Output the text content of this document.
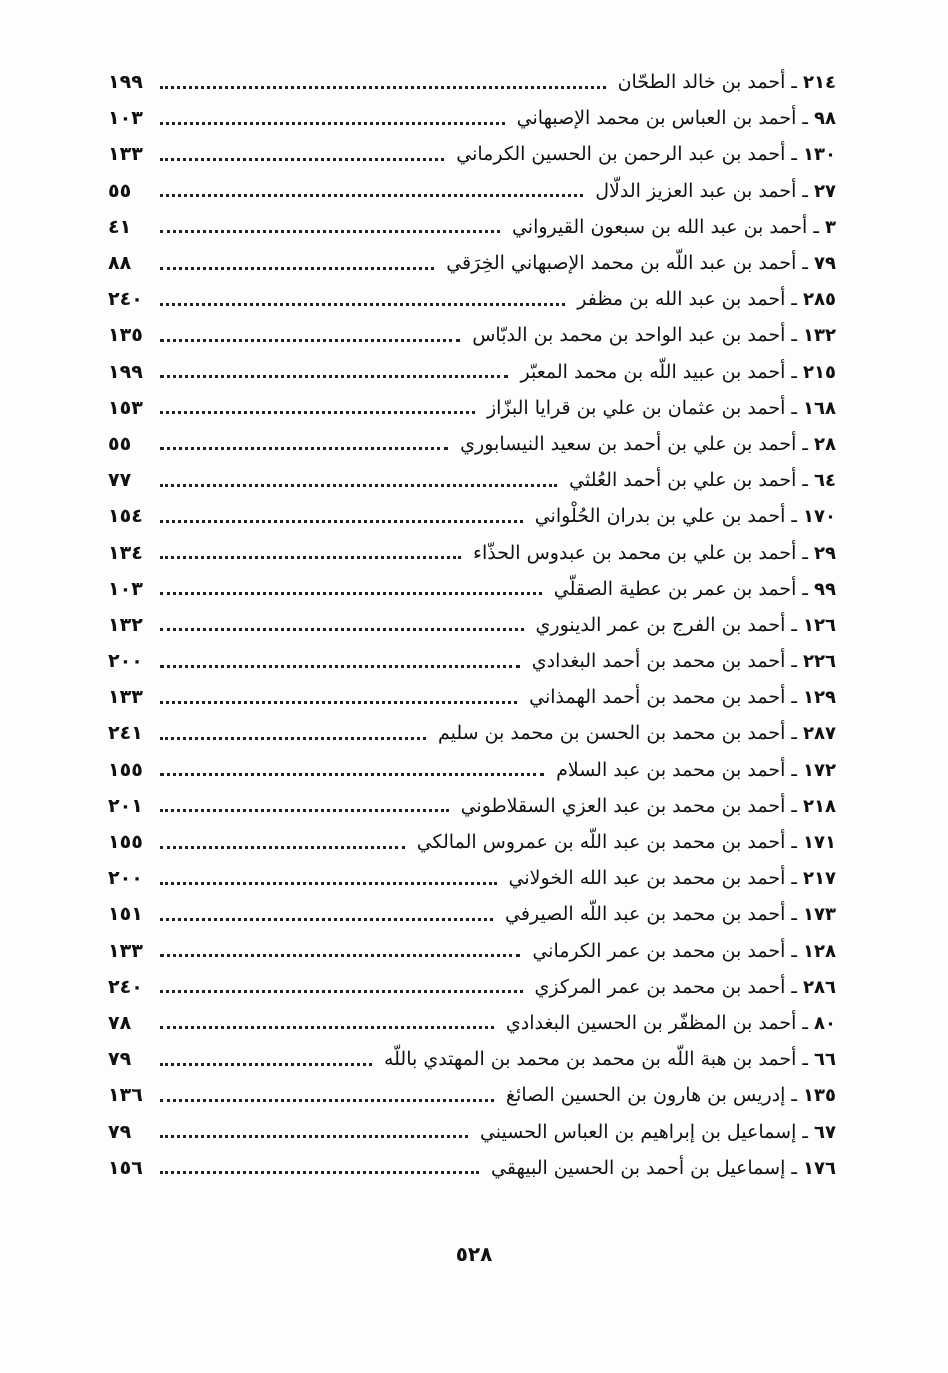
١٩٩	٢١٤ ـ أحمد بن خالد الطحّان
١٠٣	٩٨ ـ أحمد بن العباس بن محمد الإصبهاني
١٣٣	١٣٠ ـ أحمد بن عبد الرحمن بن الحسين الكرماني
٥٥	٢٧ ـ أحمد بن عبد العزيز الدلّال
٤١	٣ ـ أحمد بن عبد الله بن سبعون القيرواني
٨٨	٧٩ ـ أحمد بن عبد اللّه بن محمد الإصبهاني الخِرَقي
٢٤٠	٢٨٥ ـ أحمد بن عبد الله بن مظفر
١٣٥	١٣٢ ـ أحمد بن عبد الواحد بن محمد بن الدبّاس
١٩٩	٢١٥ ـ أحمد بن عبيد اللّه بن محمد المعبّر
١٥٣	١٦٨ ـ أحمد بن عثمان بن علي بن قرايا البزّاز
٥٥	٢٨ ـ أحمد بن علي بن أحمد بن سعيد النيسابوري
٧٧	٦٤ ـ أحمد بن علي بن أحمد العُلثي
١٥٤	١٧٠ ـ أحمد بن علي بن بدران الحُلْواني
١٣٤	٢٩ ـ أحمد بن علي بن محمد بن عبدوس الحذّاء
١٠٣	٩٩ ـ أحمد بن عمر بن عطية الصقلّي
١٣٢	١٢٦ ـ أحمد بن الفرج بن عمر الدينوري
٢٠٠	٢٢٦ ـ أحمد بن محمد بن أحمد البغدادي
١٣٣	١٢٩ ـ أحمد بن محمد بن أحمد الهمذاني
٢٤١	٢٨٧ ـ أحمد بن محمد بن الحسن بن محمد بن سليم
١٥٥	١٧٢ ـ أحمد بن محمد بن عبد السلام
٢٠١	٢١٨ ـ أحمد بن محمد بن عبد العزي السقلاطوني
١٥٥	١٧١ ـ أحمد بن محمد بن عبد اللّه بن عمروس المالكي
٢٠٠	٢١٧ ـ أحمد بن محمد بن عبد الله الخولاني
١٥١	١٧٣ ـ أحمد بن محمد بن عبد اللّه الصيرفي
١٣٣	١٢٨ ـ أحمد بن محمد بن عمر الكرماني
٢٤٠	٢٨٦ ـ أحمد بن محمد بن عمر المركزي
٧٨	٨٠ ـ أحمد بن المظفّر بن الحسين البغدادي
٧٩	٦٦ ـ أحمد بن هبة اللّه بن محمد بن محمد بن المهتدي باللّه
١٣٦	١٣٥ ـ إدريس بن هارون بن الحسين الصائغ
٧٩	٦٧ ـ إسماعيل بن إبراهيم بن العباس الحسيني
١٥٦	١٧٦ ـ إسماعيل بن أحمد بن الحسين البيهقي
٥٢٨
